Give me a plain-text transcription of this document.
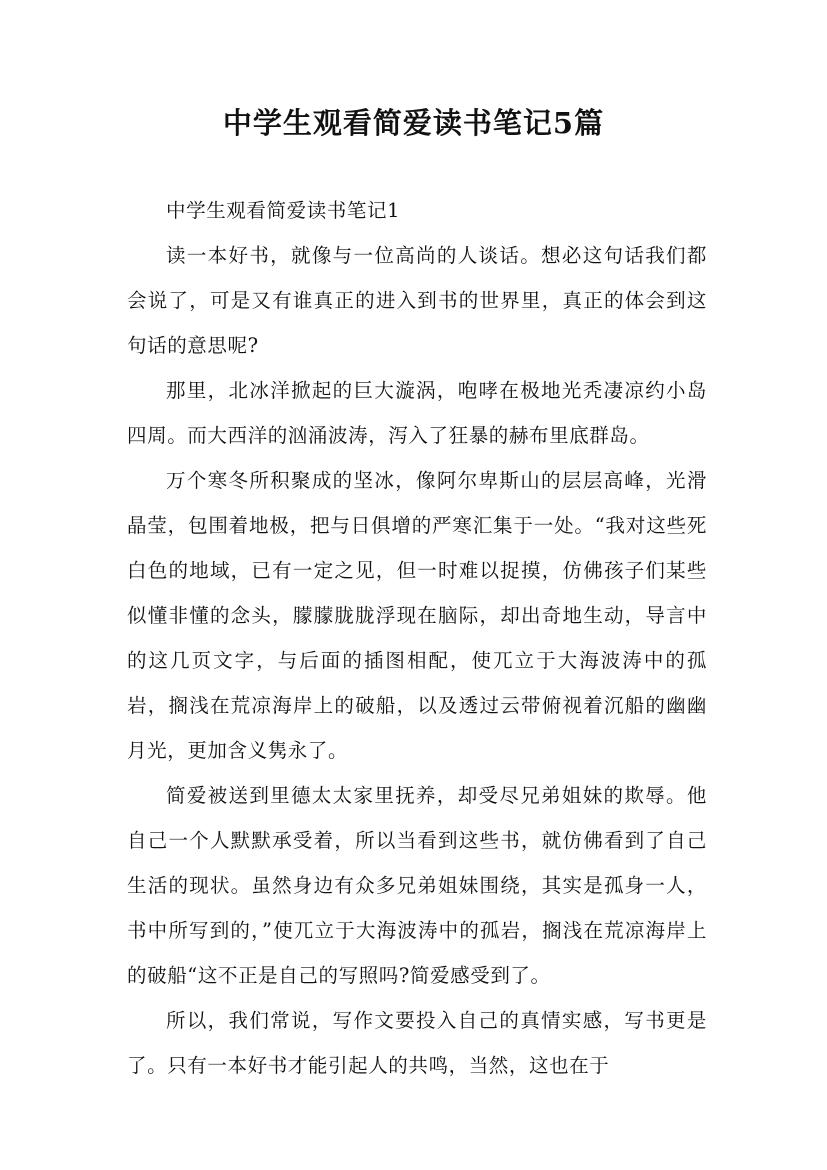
中学生观看简爱读书笔记5篇

中学生观看简爱读书笔记1

读一本好书，就像与一位高尚的人谈话。想必这句话我们都会说了，可是又有谁真正的进入到书的世界里，真正的体会到这句话的意思呢?

那里，北冰洋掀起的巨大漩涡，咆哮在极地光秃凄凉约小岛四周。而大西洋的汹涌波涛，泻入了狂暴的赫布里底群岛。

万个寒冬所积聚成的坚冰，像阿尔卑斯山的层层高峰，光滑晶莹，包围着地极，把与日俱增的严寒汇集于一处。“我对这些死白色的地域，已有一定之见，但一时难以捉摸，仿佛孩子们某些似懂非懂的念头，朦朦胧胧浮现在脑际，却出奇地生动，导言中的这几页文字，与后面的插图相配，使兀立于大海波涛中的孤岩，搁浅在荒凉海岸上的破船，以及透过云带俯视着沉船的幽幽月光，更加含义隽永了。

简爱被送到里德太太家里抚养，却受尽兄弟姐妹的欺辱。他自己一个人默默承受着，所以当看到这些书，就仿佛看到了自己生活的现状。虽然身边有众多兄弟姐妹围绕，其实是孤身一人，书中所写到的，”使兀立于大海波涛中的孤岩，搁浅在荒凉海岸上的破船“这不正是自己的写照吗?简爱感受到了。

所以，我们常说，写作文要投入自己的真情实感，写书更是了。只有一本好书才能引起人的共鸣，当然，这也在于
